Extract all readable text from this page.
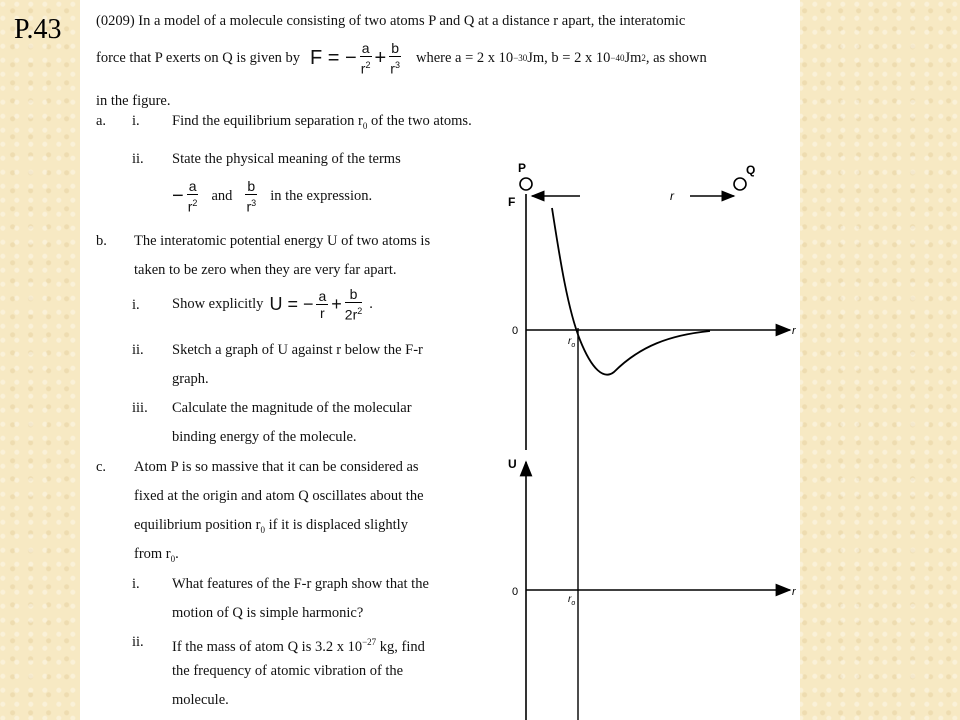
P.43 (0209) In a model of a molecule consisting of two atoms P and Q at a distance r apart, the interatomic
force that P exerts on Q is given by F = − $\frac{a}{r^2} + \frac{b}{r^3}$ where a = 2 x 10 −30 Jm, b = 2 x 10 −40 Jm 2 , as shown
in the figure.
a. i. Find the equilibrium separation $r_0$ of the two atoms.
ii. State the physical meaning of the terms
− $\frac{a}{r^2}$ and $\frac{b}{r^3}$ in the expression.
b. The interatomic potential energy U of two atoms is
taken to be zero when they are very far apart.
i. Show explicitly U = − $\frac{a}{r} + \frac{b}{2r^2}$ .
ii. Sketch a graph of U against r below the F-r
graph.
iii. Calculate the magnitude of the molecular
binding energy of the molecule.
c. Atom P is so massive that it can be considered as
fixed at the origin and atom Q oscillates about the
equilibrium position $r_0$ if it is displaced slightly
from $r_0$.
i. What features of the F-r graph show that the
motion of Q is simple harmonic?
ii. If the mass of atom Q is 3.2 x $10^{-27}$ kg, find
the frequency of atomic vibration of the
molecule.
P	Q
r
F
0	r
$r_o$
U
0	r
$r_o$
